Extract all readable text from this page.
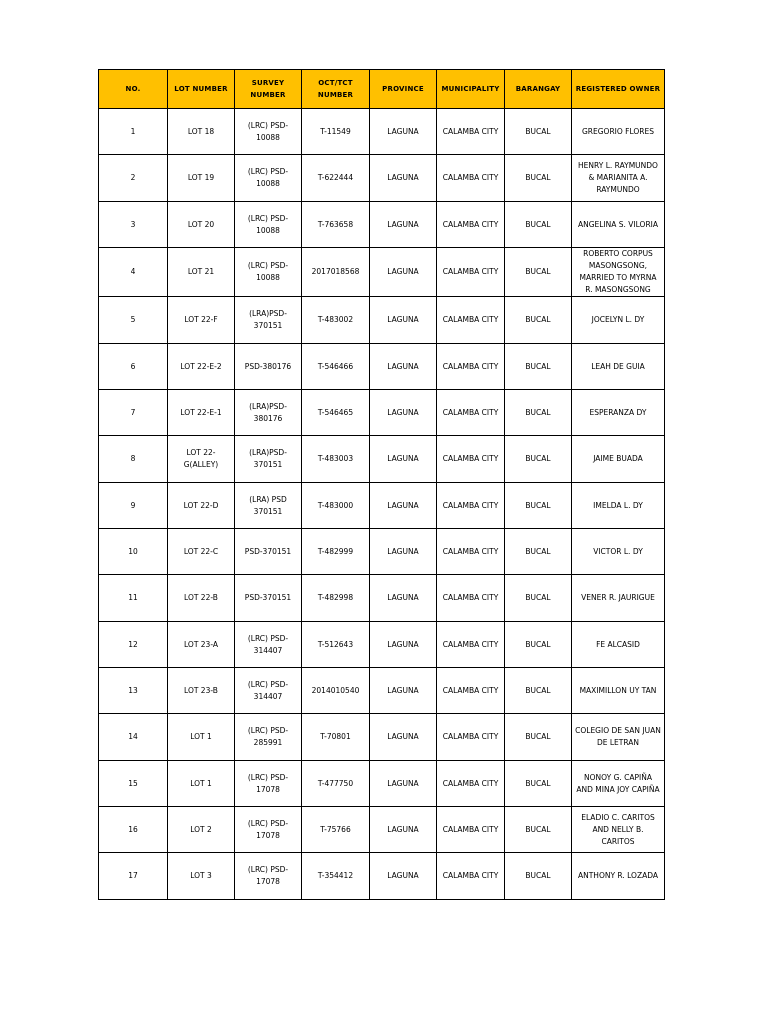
NO.	LOT NUMBER	SURVEY NUMBER	OCT/TCT NUMBER	PROVINCE	MUNICIPALITY	BARANGAY	REGISTERED OWNER
1	LOT 18	(LRC) PSD-10088	T-11549	LAGUNA	CALAMBA CITY	BUCAL	GREGORIO FLORES
2	LOT 19	(LRC) PSD-10088	T-622444	LAGUNA	CALAMBA CITY	BUCAL	HENRY L. RAYMUNDO & MARIANITA A. RAYMUNDO
3	LOT 20	(LRC) PSD-10088	T-763658	LAGUNA	CALAMBA CITY	BUCAL	ANGELINA S. VILORIA
4	LOT 21	(LRC) PSD-10088	2017018568	LAGUNA	CALAMBA CITY	BUCAL	ROBERTO CORPUS MASONGSONG, MARRIED TO MYRNA R. MASONGSONG
5	LOT 22-F	(LRA)PSD-370151	T-483002	LAGUNA	CALAMBA CITY	BUCAL	JOCELYN L. DY
6	LOT 22-E-2	PSD-380176	T-546466	LAGUNA	CALAMBA CITY	BUCAL	LEAH DE GUIA
7	LOT 22-E-1	(LRA)PSD-380176	T-546465	LAGUNA	CALAMBA CITY	BUCAL	ESPERANZA DY
8	LOT 22-G(ALLEY)	(LRA)PSD-370151	T-483003	LAGUNA	CALAMBA CITY	BUCAL	JAIME BUADA
9	LOT 22-D	(LRA) PSD 370151	T-483000	LAGUNA	CALAMBA CITY	BUCAL	IMELDA L. DY
10	LOT 22-C	PSD-370151	T-482999	LAGUNA	CALAMBA CITY	BUCAL	VICTOR L. DY
11	LOT 22-B	PSD-370151	T-482998	LAGUNA	CALAMBA CITY	BUCAL	VENER R. JAURIGUE
12	LOT 23-A	(LRC) PSD-314407	T-512643	LAGUNA	CALAMBA CITY	BUCAL	FE ALCASID
13	LOT 23-B	(LRC) PSD-314407	2014010540	LAGUNA	CALAMBA CITY	BUCAL	MAXIMILLON UY TAN
14	LOT 1	(LRC) PSD-285991	T-70801	LAGUNA	CALAMBA CITY	BUCAL	COLEGIO DE SAN JUAN DE LETRAN
15	LOT 1	(LRC) PSD-17078	T-477750	LAGUNA	CALAMBA CITY	BUCAL	NONOY G. CAPIÑA AND MINA JOY CAPIÑA
16	LOT 2	(LRC) PSD-17078	T-75766	LAGUNA	CALAMBA CITY	BUCAL	ELADIO C. CARITOS AND NELLY B. CARITOS
17	LOT 3	(LRC) PSD-17078	T-354412	LAGUNA	CALAMBA CITY	BUCAL	ANTHONY R. LOZADA
